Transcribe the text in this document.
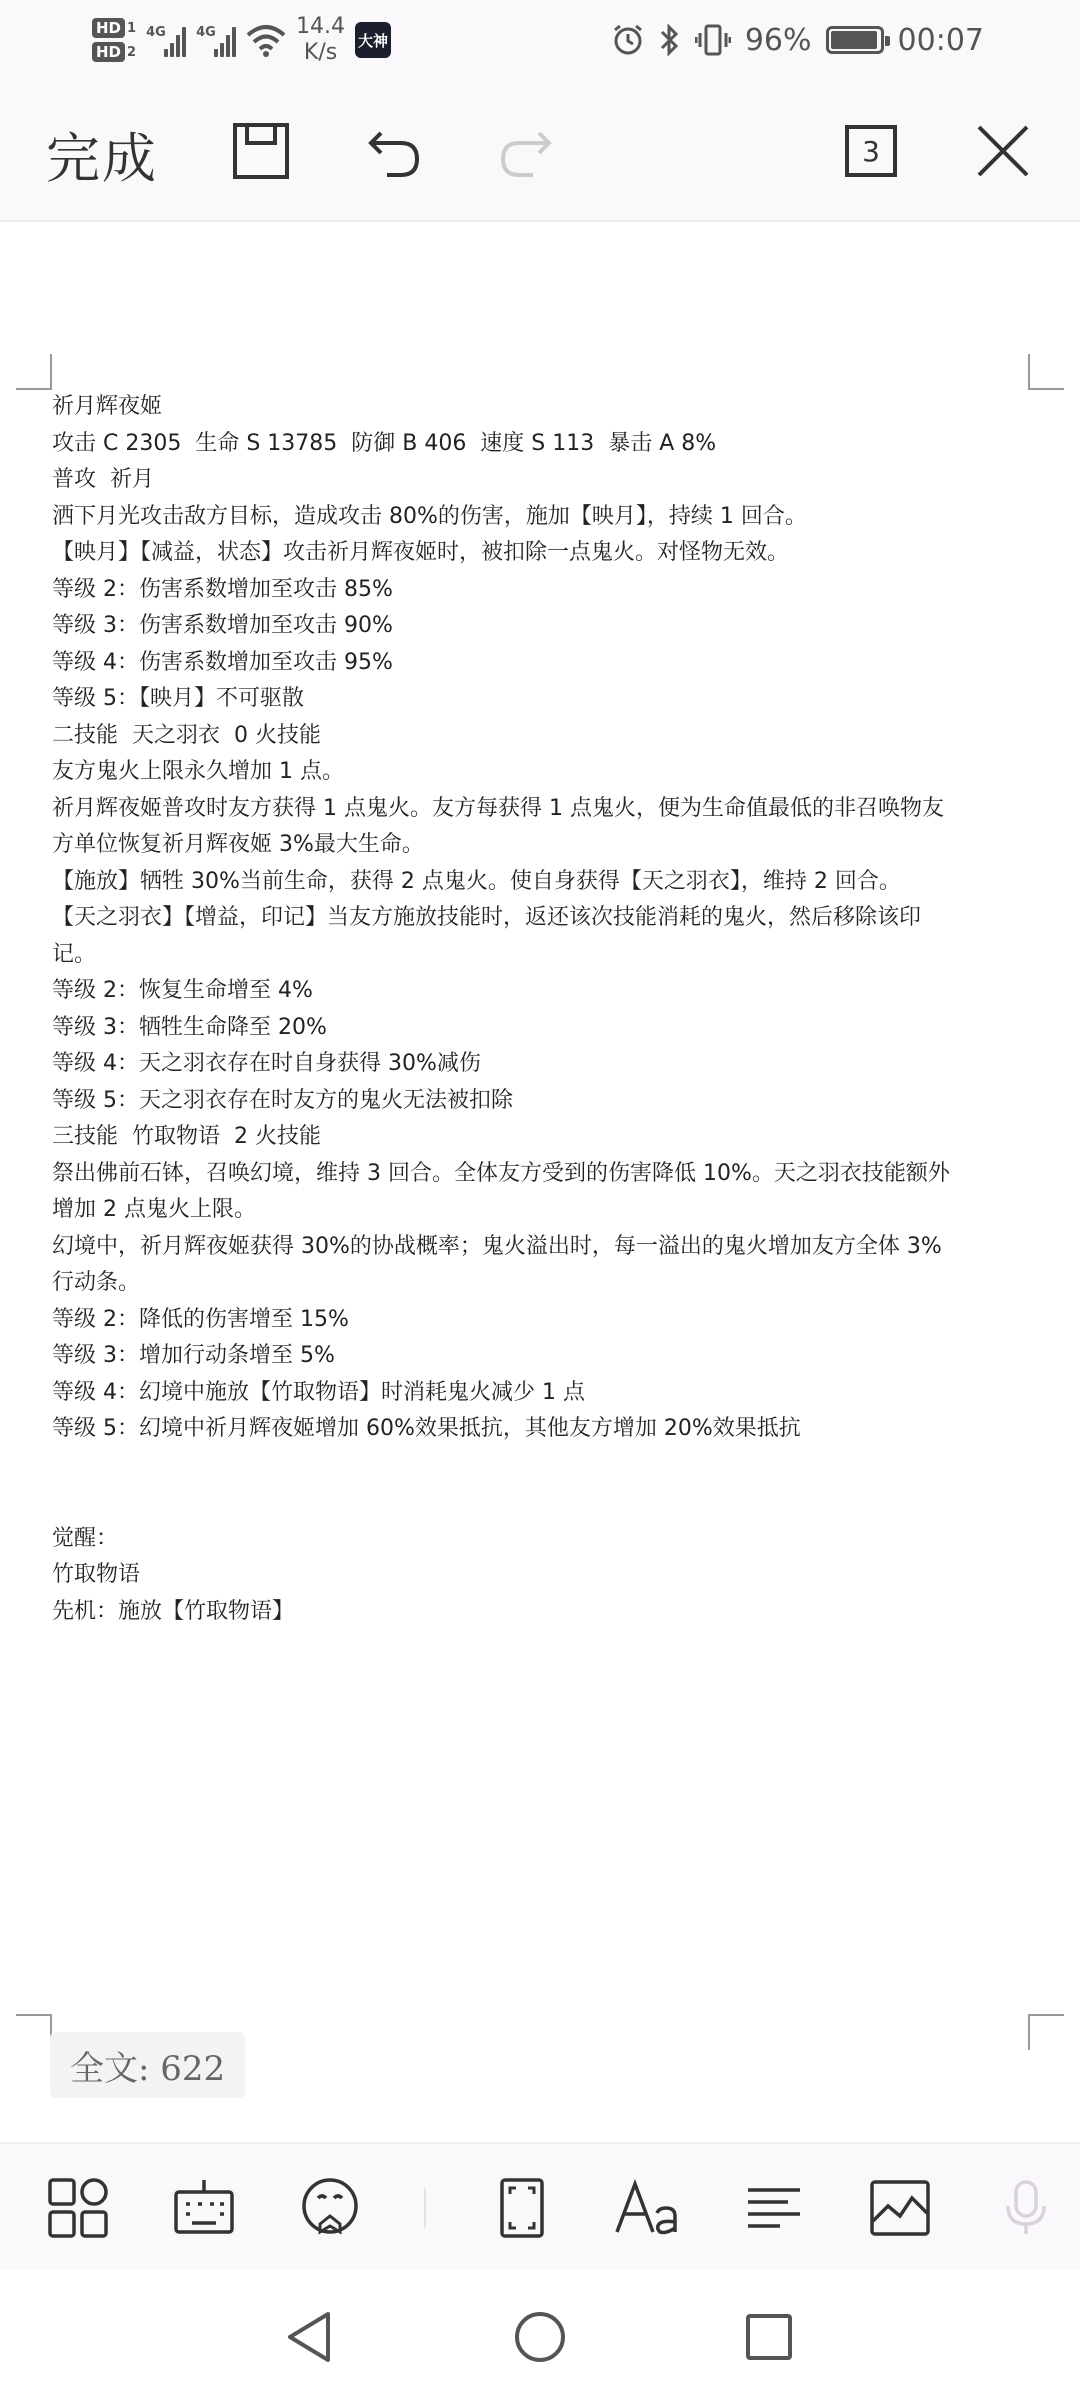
HD 1
HD 2
4G 4G	14.4
K/s	大神	96%	00:07
完成	3
祈月辉夜姬
攻击 C 2305  生命 S 13785  防御 B 406  速度 S 113  暴击 A 8%
普攻  祈月
洒下月光攻击敌方目标，造成攻击 80%的伤害，施加【映月】，持续 1 回合。
【映月】【减益，状态】攻击祈月辉夜姬时，被扣除一点鬼火。对怪物无效。
等级 2：伤害系数增加至攻击 85%
等级 3：伤害系数增加至攻击 90%
等级 4：伤害系数增加至攻击 95%
等级 5：【映月】不可驱散
二技能  天之羽衣  0 火技能
友方鬼火上限永久增加 1 点。
祈月辉夜姬普攻时友方获得 1 点鬼火。友方每获得 1 点鬼火，便为生命值最低的非召唤物友
方单位恢复祈月辉夜姬 3%最大生命。
【施放】牺牲 30%当前生命，获得 2 点鬼火。使自身获得【天之羽衣】，维持 2 回合。
【天之羽衣】【增益，印记】当友方施放技能时，返还该次技能消耗的鬼火，然后移除该印
记。
等级 2：恢复生命增至 4%
等级 3：牺牲生命降至 20%
等级 4：天之羽衣存在时自身获得 30%减伤
等级 5：天之羽衣存在时友方的鬼火无法被扣除
三技能  竹取物语  2 火技能
祭出佛前石钵，召唤幻境，维持 3 回合。全体友方受到的伤害降低 10%。天之羽衣技能额外
增加 2 点鬼火上限。
幻境中，祈月辉夜姬获得 30%的协战概率；鬼火溢出时，每一溢出的鬼火增加友方全体 3%
行动条。
等级 2：降低的伤害增至 15%
等级 3：增加行动条增至 5%
等级 4：幻境中施放【竹取物语】时消耗鬼火减少 1 点
等级 5：幻境中祈月辉夜姬增加 60%效果抵抗，其他友方增加 20%效果抵抗
觉醒：
竹取物语
先机：施放【竹取物语】
全文: 622
